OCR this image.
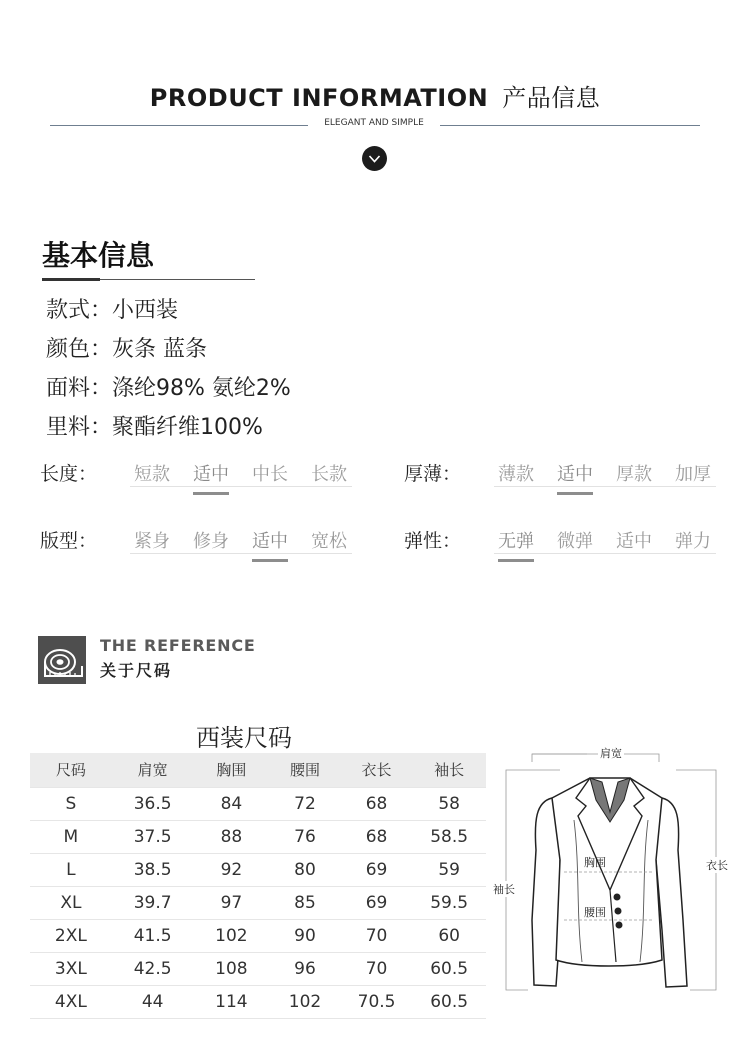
PRODUCT INFORMATION 产品信息
ELEGANT AND SIMPLE
基本信息
款式：小西装
颜色：灰条 蓝条
面料：涤纶98% 氨纶2%
里料：聚酯纤维100%
长度： 短款 适中 中长 长款	厚薄： 薄款 适中 厚款 加厚
版型： 紧身 修身 适中 宽松	弹性： 无弹 微弹 适中 弹力
THE REFERENCE
关于尺码
西装尺码
尺码	肩宽	胸围	腰围	衣长	袖长
S	36.5	84	72	68	58
M	37.5	88	76	68	58.5
L	38.5	92	80	69	59
XL	39.7	97	85	69	59.5
2XL	41.5	102	90	70	60
3XL	42.5	108	96	70	60.5
4XL	44	114	102	70.5	60.5
肩宽
胸围
腰围
衣长
袖长
